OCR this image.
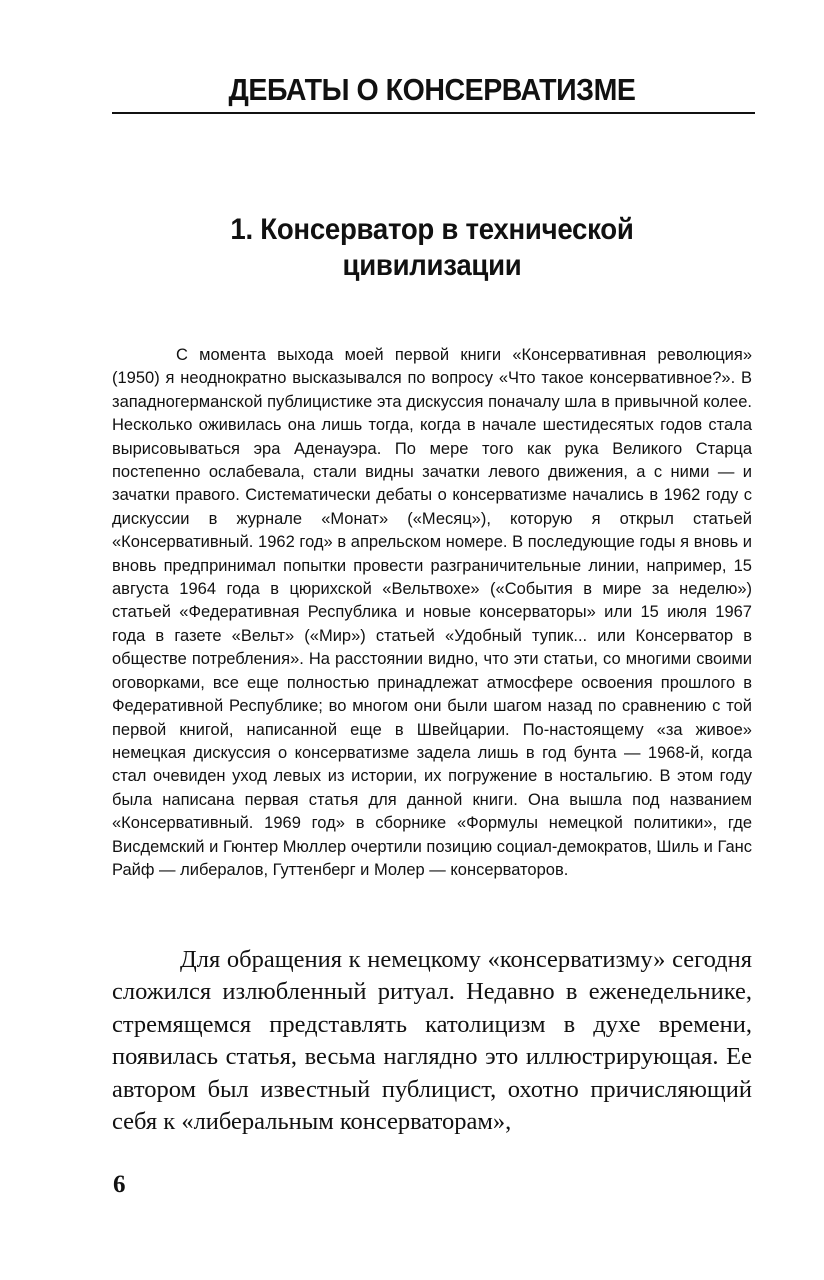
ДЕБАТЫ О КОНСЕРВАТИЗМЕ
1. Консерватор в технической цивилизации

С момента выхода моей первой книги «Консервативная революция» (1950) я неоднократно высказывался по вопросу «Что такое консервативное?». В западногерманской публицистике эта дискуссия поначалу шла в привычной колее. Несколько оживилась она лишь тогда, когда в начале шестидесятых годов стала вырисовываться эра Аденауэра. По мере того как рука Великого Старца постепенно ослабевала, стали видны зачатки левого движения, а с ними — и зачатки правого. Систематически дебаты о консерватизме начались в 1962 году с дискуссии в журнале «Монат» («Месяц»), которую я открыл статьей «Консервативный. 1962 год» в апрельском номере. В последующие годы я вновь и вновь предпринимал попытки провести разграничительные линии, например, 15 августа 1964 года в цюрихской «Вельтвохе» («События в мире за неделю») статьей «Федеративная Республика и новые консерваторы» или 15 июля 1967 года в газете «Вельт» («Мир») статьей «Удобный тупик... или Консерватор в обществе потребления». На расстоянии видно, что эти статьи, со многими своими оговорками, все еще полностью принадлежат атмосфере освоения прошлого в Федеративной Республике; во многом они были шагом назад по сравнению с той первой книгой, написанной еще в Швейцарии. По-настоящему «за живое» немецкая дискуссия о консерватизме задела лишь в год бунта — 1968-й, когда стал очевиден уход левых из истории, их погружение в ностальгию. В этом году была написана первая статья для данной книги. Она вышла под названием «Консервативный. 1969 год» в сборнике «Формулы немецкой политики», где Висдемский и Гюнтер Мюллер очертили позицию социал-демократов, Шиль и Ганс Райф — либералов, Гуттенберг и Молер — консерваторов.

Для обращения к немецкому «консерватизму» сегодня сложился излюбленный ритуал. Недавно в еженедельнике, стремящемся представлять католицизм в духе времени, появилась статья, весьма наглядно это иллюстрирующая. Ее автором был известный публицист, охотно причисляющий себя к «либеральным консерваторам»,

6
